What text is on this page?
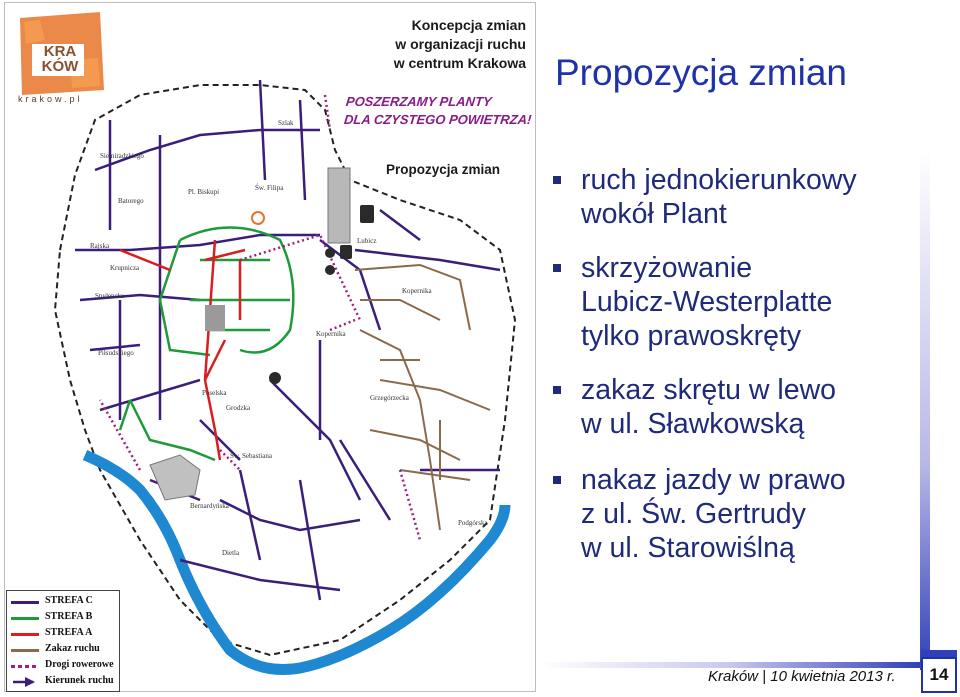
Siemiradzkiego
Batorego
Pl. Biskupi	Św. Filipa
Rajska
Krupnicza
Studencka
Piłsudskiego
Poselska
Grodzka
Bernardyńska
Dietla
Kopernika
Lubicz
Grzegórzecka
Św. Sebastiana
Kopernika
Podgórska
Szlak
krakow.pl
KRA KÓW
Koncepcja zmian
w organizacji ruchu
w centrum Krakowa
POSZERZAMY PLANTY
DLA CZYSTEGO POWIETRZA!
Propozycja zmian
STREFA C
STREFA B
STREFA A
Zakaz ruchu
Drogi rowerowe
Kierunek ruchu
Propozycja zmian
ruch jednokierunkowy
wokół Plant
skrzyżowanie
Lubicz-Westerplatte
tylko prawoskręty
zakaz skrętu w lewo
w ul. Sławkowską
nakaz jazdy w prawo
z ul. Św. Gertrudy
w ul. Starowiślną
Kraków | 10 kwietnia 2013 r.	14
